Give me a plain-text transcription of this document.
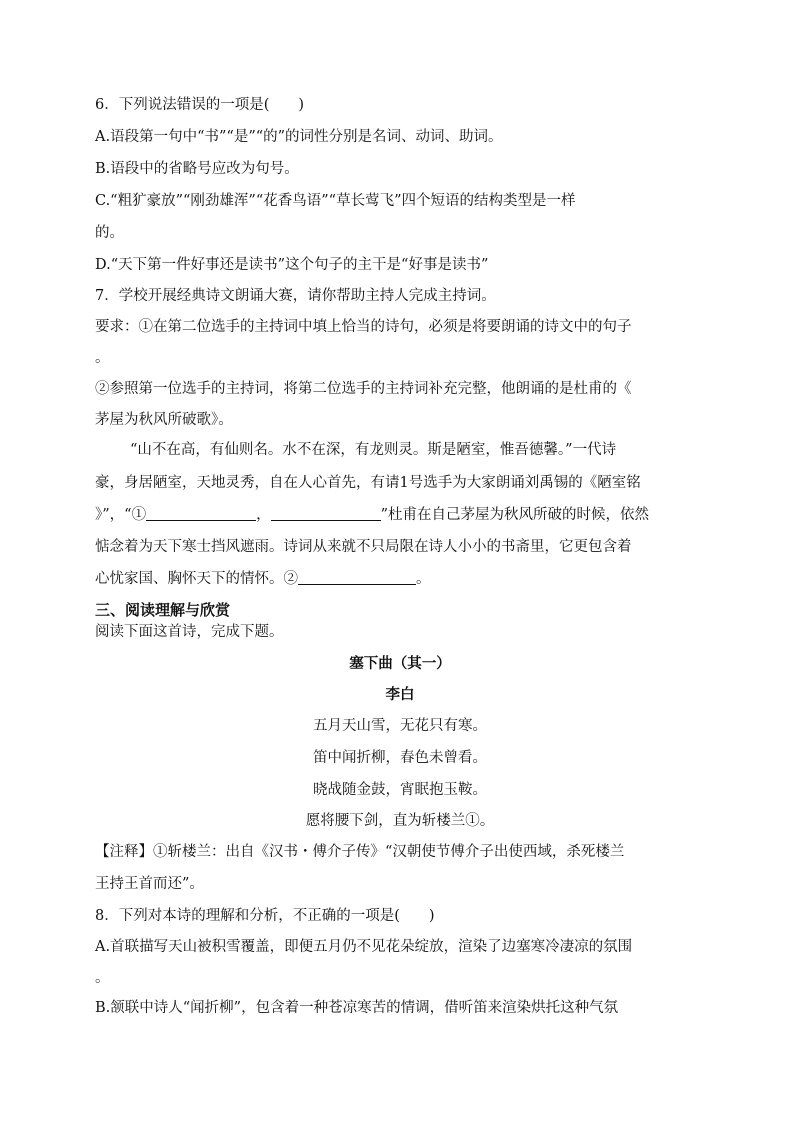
6．下列说法错误的一项是(　　)
A.语段第一句中“书”“是”“的”的词性分别是名词、动词、助词。
B.语段中的省略号应改为句号。
C.“粗犷豪放”“刚劲雄浑”“花香鸟语”“草长莺飞”四个短语的结构类型是一样
的。
D.“天下第一件好事还是读书”这个句子的主干是“好事是读书”
7．学校开展经典诗文朗诵大赛，请你帮助主持人完成主持词。
要求：①在第二位选手的主持词中填上恰当的诗句，必须是将要朗诵的诗文中的句子
。
②参照第一位选手的主持词，将第二位选手的主持词补充完整，他朗诵的是杜甫的《
茅屋为秋风所破歌》。
“山不在高，有仙则名。水不在深，有龙则灵。斯是陋室，惟吾德馨。”一代诗
豪，身居陋室，天地灵秀，自在人心首先，有请1号选手为大家朗诵刘禹锡的《陋室铭
》”，“①	，	”杜甫在自己茅屋为秋风所破的时候，依然
惦念着为天下寒士挡风遮雨。诗词从来就不只局限在诗人小小的书斋里，它更包含着
心忧家国、胸怀天下的情怀。②	。
三、阅读理解与欣赏
阅读下面这首诗，完成下题。
塞下曲（其一）
李白
五月天山雪，无花只有寒。
笛中闻折柳，春色未曾看。
晓战随金鼓，宵眠抱玉鞍。
愿将腰下剑，直为斩楼兰①。
【注释】①斩楼兰：出自《汉书・傅介子传》“汉朝使节傅介子出使西域，杀死楼兰
王持王首而还”。
8．下列对本诗的理解和分析，不正确的一项是(　　)
A.首联描写天山被积雪覆盖，即便五月仍不见花朵绽放，渲染了边塞寒冷凄凉的氛围
。
B.颔联中诗人“闻折柳”，包含着一种苍凉寒苦的情调，借听笛来渲染烘托这种气氛
